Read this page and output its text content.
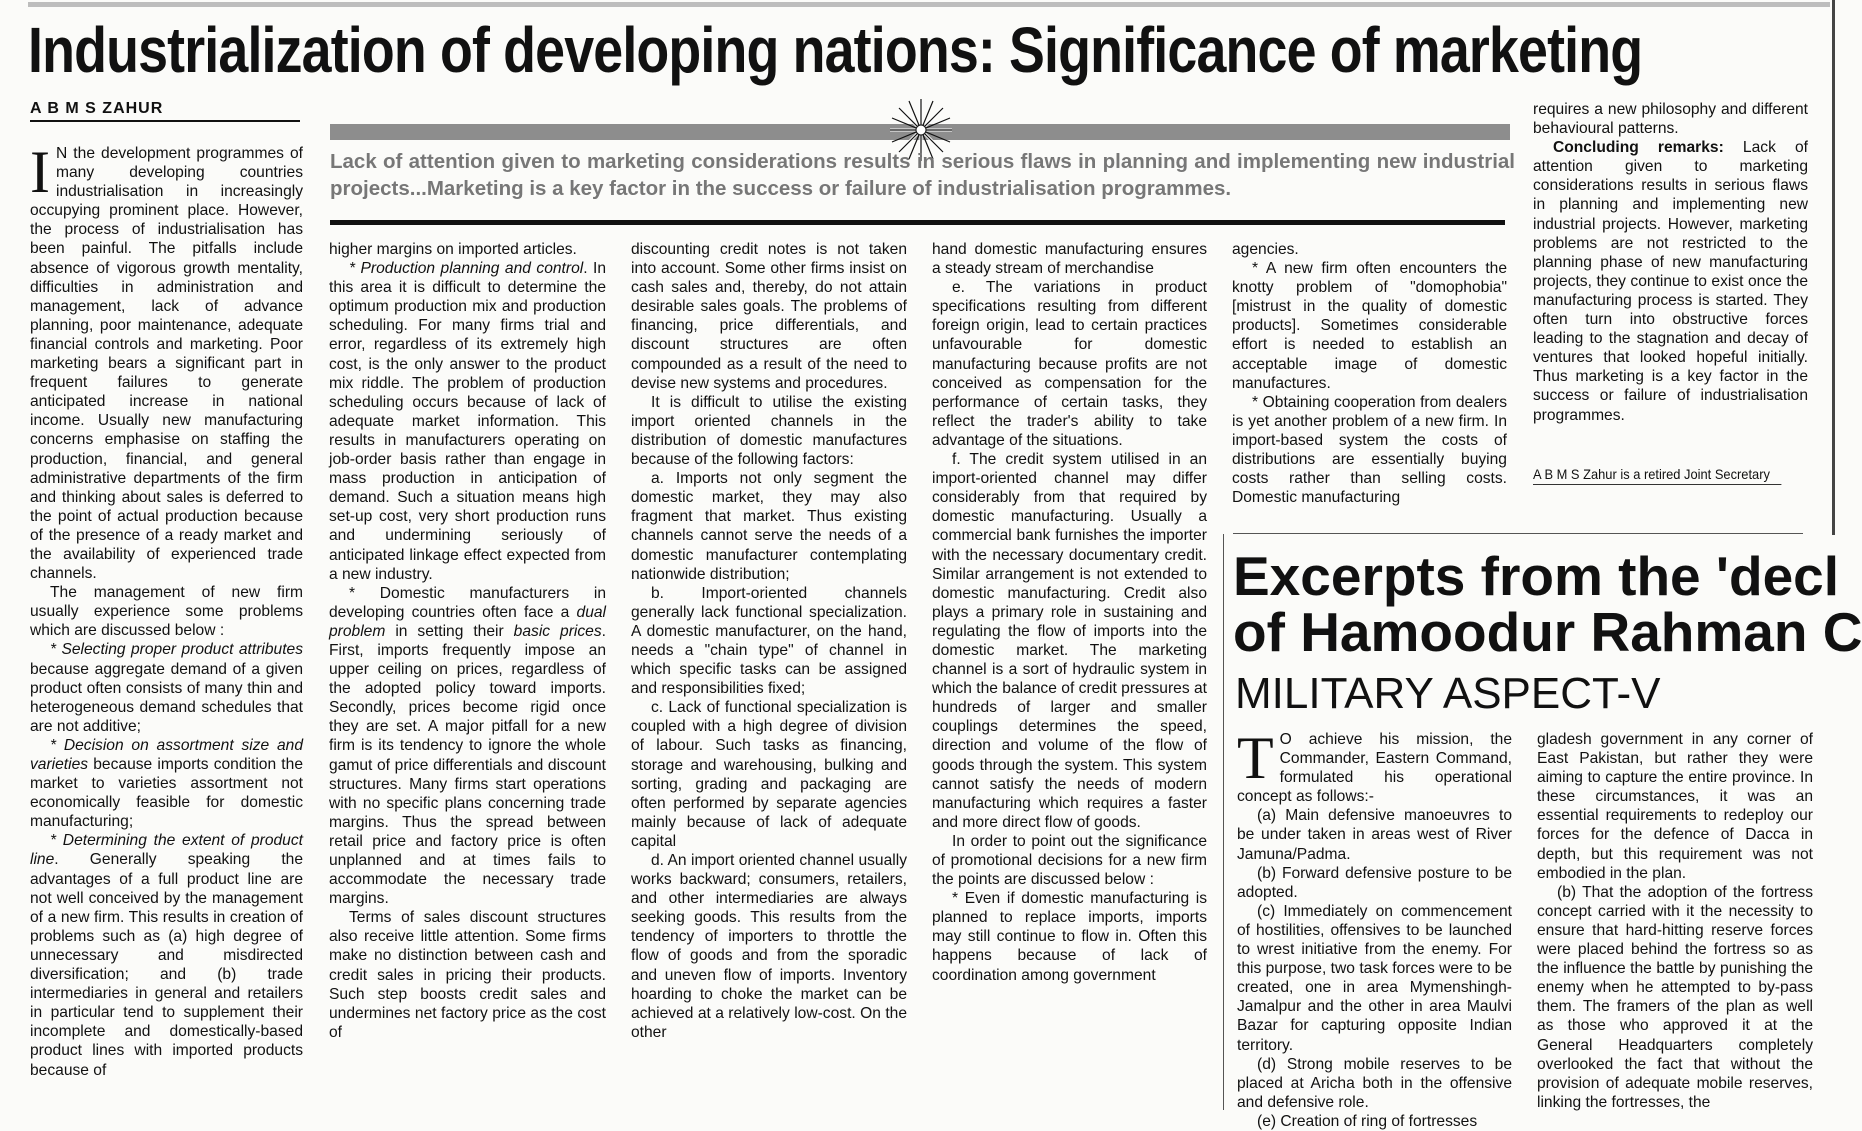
Industrialization of developing nations: Significance of marketing
A B M S ZAHUR

Lack of attention given to marketing considerations results in serious flaws in planning and implementing new industrial projects...Marketing is a key factor in the success or failure of industrialisation programmes.

I N the development programmes of many developing countries industrialisation in increasingly occupying prominent place. However, the process of industrialisation has been painful. The pitfalls include absence of vigorous growth mentality, difficulties in administration and management, lack of advance planning, poor maintenance, adequate financial controls and marketing. Poor marketing bears a significant part in frequent failures to generate anticipated increase in national income. Usually new manufacturing concerns emphasise on staffing the production, financial, and general administrative departments of the firm and thinking about sales is deferred to the point of actual production because of the presence of a ready market and the availability of experienced trade channels.

The management of new firm usually experience some problems which are discussed below :

* Selecting proper product attributes because aggregate demand of a given product often consists of many thin and heterogeneous demand schedules that are not additive;

* Decision on assortment size and varieties because imports condition the market to varieties assortment not economically feasible for domestic manufacturing;

* Determining the extent of product line. Generally speaking the advantages of a full product line are not well conceived by the management of a new firm. This results in creation of problems such as (a) high degree of unnecessary and misdirected diversification; and (b) trade intermediaries in general and retailers in particular tend to supplement their incomplete and domestically-based product lines with imported products because of

higher margins on imported articles.

* Production planning and control. In this area it is difficult to determine the optimum production mix and production scheduling. For many firms trial and error, regardless of its extremely high cost, is the only answer to the product mix riddle. The problem of production scheduling occurs because of lack of adequate market information. This results in manufacturers operating on job-order basis rather than engage in mass production in anticipation of demand. Such a situation means high set-up cost, very short production runs and undermining seriously of anticipated linkage effect expected from a new industry.

* Domestic manufacturers in developing countries often face a dual problem in setting their basic prices. First, imports frequently impose an upper ceiling on prices, regardless of the adopted policy toward imports. Secondly, prices become rigid once they are set. A major pitfall for a new firm is its tendency to ignore the whole gamut of price differentials and discount structures. Many firms start operations with no specific plans concerning trade margins. Thus the spread between retail price and factory price is often unplanned and at times fails to accommodate the necessary trade margins.

Terms of sales discount structures also receive little attention. Some firms make no distinction between cash and credit sales in pricing their products. Such step boosts credit sales and undermines net factory price as the cost of

discounting credit notes is not taken into account. Some other firms insist on cash sales and, thereby, do not attain desirable sales goals. The problems of financing, price differentials, and discount structures are often compounded as a result of the need to devise new systems and procedures.

It is difficult to utilise the existing import oriented channels in the distribution of domestic manufactures because of the following factors:

a. Imports not only segment the domestic market, they may also fragment that market. Thus existing channels cannot serve the needs of a domestic manufacturer contemplating nationwide distribution;

b. Import-oriented channels generally lack functional specialization. A domestic manufacturer, on the hand, needs a "chain type" of channel in which specific tasks can be assigned and responsibilities fixed;

c. Lack of functional specialization is coupled with a high degree of division of labour. Such tasks as financing, storage and warehousing, bulking and sorting, grading and packaging are often performed by separate agencies mainly because of lack of adequate capital

d. An import oriented channel usually works backward; consumers, retailers, and other intermediaries are always seeking goods. This results from the tendency of importers to throttle the flow of goods and from the sporadic and uneven flow of imports. Inventory hoarding to choke the market can be achieved at a relatively low-cost. On the other

hand domestic manufacturing ensures a steady stream of merchandise

e. The variations in product specifications resulting from different foreign origin, lead to certain practices unfavourable for domestic manufacturing because profits are not conceived as compensation for the performance of certain tasks, they reflect the trader's ability to take advantage of the situations.

f. The credit system utilised in an import-oriented channel may differ considerably from that required by domestic manufacturing. Usually a commercial bank furnishes the importer with the necessary documentary credit. Similar arrangement is not extended to domestic manufacturing. Credit also plays a primary role in sustaining and regulating the flow of imports into the domestic market. The marketing channel is a sort of hydraulic system in which the balance of credit pressures at hundreds of larger and smaller couplings determines the speed, direction and volume of the flow of goods through the system. This system cannot satisfy the needs of modern manufacturing which requires a faster and more direct flow of goods.

In order to point out the significance of promotional decisions for a new firm the points are discussed below :

* Even if domestic manufacturing is planned to replace imports, imports may still continue to flow in. Often this happens because of lack of coordination among government

agencies.

* A new firm often encounters the knotty problem of "domophobia" [mistrust in the quality of domestic products]. Sometimes considerable effort is needed to establish an acceptable image of domestic manufactures.

* Obtaining cooperation from dealers is yet another problem of a new firm. In import-based system the costs of distributions are essentially buying costs rather than selling costs. Domestic manufacturing

requires a new philosophy and different behavioural patterns.

Concluding remarks: Lack of attention given to marketing considerations results in serious flaws in planning and implementing new industrial projects. However, marketing problems are not restricted to the planning phase of new manufacturing projects, they continue to exist once the manufacturing process is started. They often turn into obstructive forces leading to the stagnation and decay of ventures that looked hopeful initially. Thus marketing is a key factor in the success or failure of industrialisation programmes.

A B M S Zahur is a retired Joint Secretary
Excerpts from the 'decl
of Hamoodur Rahman C
MILITARY ASPECT-V

T O achieve his mission, the Commander, Eastern Command, formulated his operational concept as follows:-

(a) Main defensive manoeuvres to be under taken in areas west of River Jamuna/Padma.

(b) Forward defensive posture to be adopted.

(c) Immediately on commencement of hostilities, offensives to be launched to wrest initiative from the enemy. For this purpose, two task forces were to be created, one in area Mymenshingh- Jamalpur and the other in area Maulvi Bazar for capturing opposite Indian territory.

(d) Strong mobile reserves to be placed at Aricha both in the offensive and defensive role.

(e) Creation of ring of fortresses

gladesh government in any corner of East Pakistan, but rather they were aiming to capture the entire province. In these circumstances, it was an essential requirements to redeploy our forces for the defence of Dacca in depth, but this requirement was not embodied in the plan.

(b) That the adoption of the fortress concept carried with it the necessity to ensure that hard-hitting reserve forces were placed behind the fortress so as the influence the battle by punishing the enemy when he attempted to by-pass them. The framers of the plan as well as those who approved it at the General Headquarters completely overlooked the fact that without the provision of adequate mobile reserves, linking the fortresses, the
